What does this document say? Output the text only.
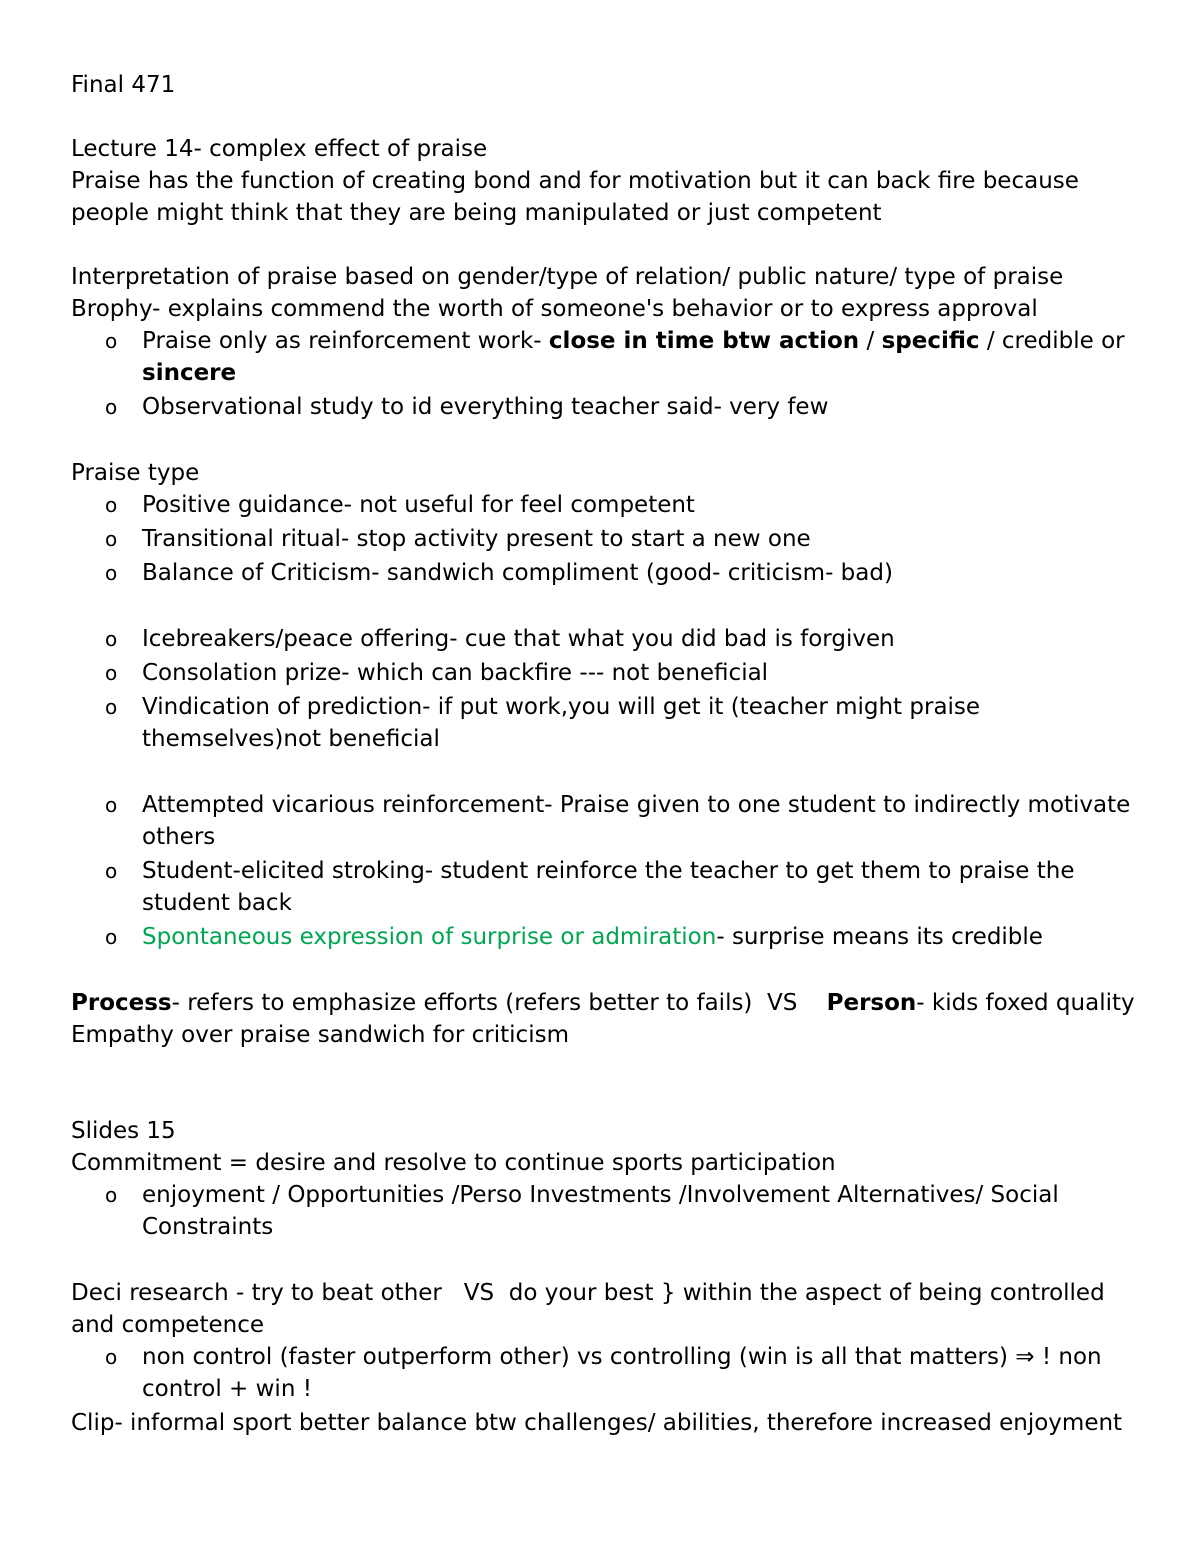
Final 471

Lecture 14- complex effect of praise

Praise has the function of creating bond and for motivation but it can back fire because people might think that they are being manipulated or just competent

Interpretation of praise based on gender/type of relation/ public nature/ type of praise

Brophy- explains commend the worth of someone's behavior or to express approval

o Praise only as reinforcement work- close in time btw action / specific / credible or sincere
o Observational study to id everything teacher said- very few

Praise type

o Positive guidance- not useful for feel competent
o Transitional ritual- stop activity present to start a new one
o Balance of Criticism- sandwich compliment (good- criticism- bad)
o Icebreakers/peace offering- cue that what you did bad is forgiven
o Consolation prize- which can backfire --- not beneficial
o Vindication of prediction- if put work,you will get it (teacher might praise themselves)not beneficial
o Attempted vicarious reinforcement- Praise given to one student to indirectly motivate others
o Student-elicited stroking- student reinforce the teacher to get them to praise the student back
o Spontaneous expression of surprise or admiration- surprise means its credible

Process- refers to emphasize efforts (refers better to fails)  VS    Person- kids foxed quality

Empathy over praise sandwich for criticism

Slides 15

Commitment = desire and resolve to continue sports participation

o enjoyment / Opportunities /Perso Investments /Involvement Alternatives/ Social Constraints

Deci research - try to beat other   VS  do your best } within the aspect of being controlled and competence

o non control (faster outperform other) vs controlling (win is all that matters) ⇒ ! non control + win !

Clip- informal sport better balance btw challenges/ abilities, therefore increased enjoyment
